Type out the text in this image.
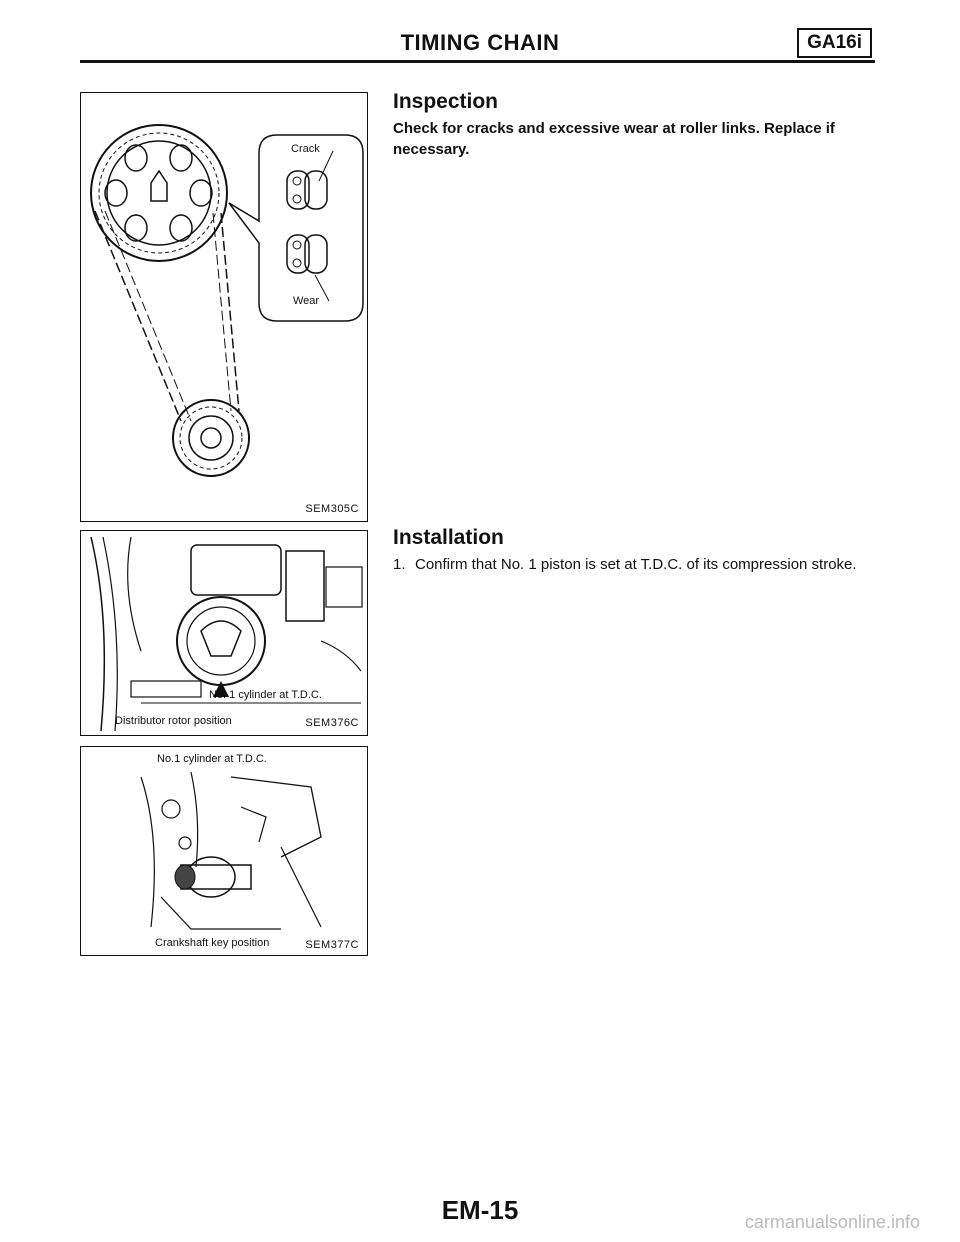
TIMING CHAIN	GA16i
Crack
Wear
SEM305C
No. 1 cylinder at T.D.C.
Distributor rotor position	SEM376C
No.1 cylinder at T.D.C.
Crankshaft key position	SEM377C
Inspection
Check for cracks and excessive wear at roller links. Replace if necessary.
Installation
1. Confirm that No. 1 piston is set at T.D.C. of its compression stroke.
EM-15	carmanualsonline.info
